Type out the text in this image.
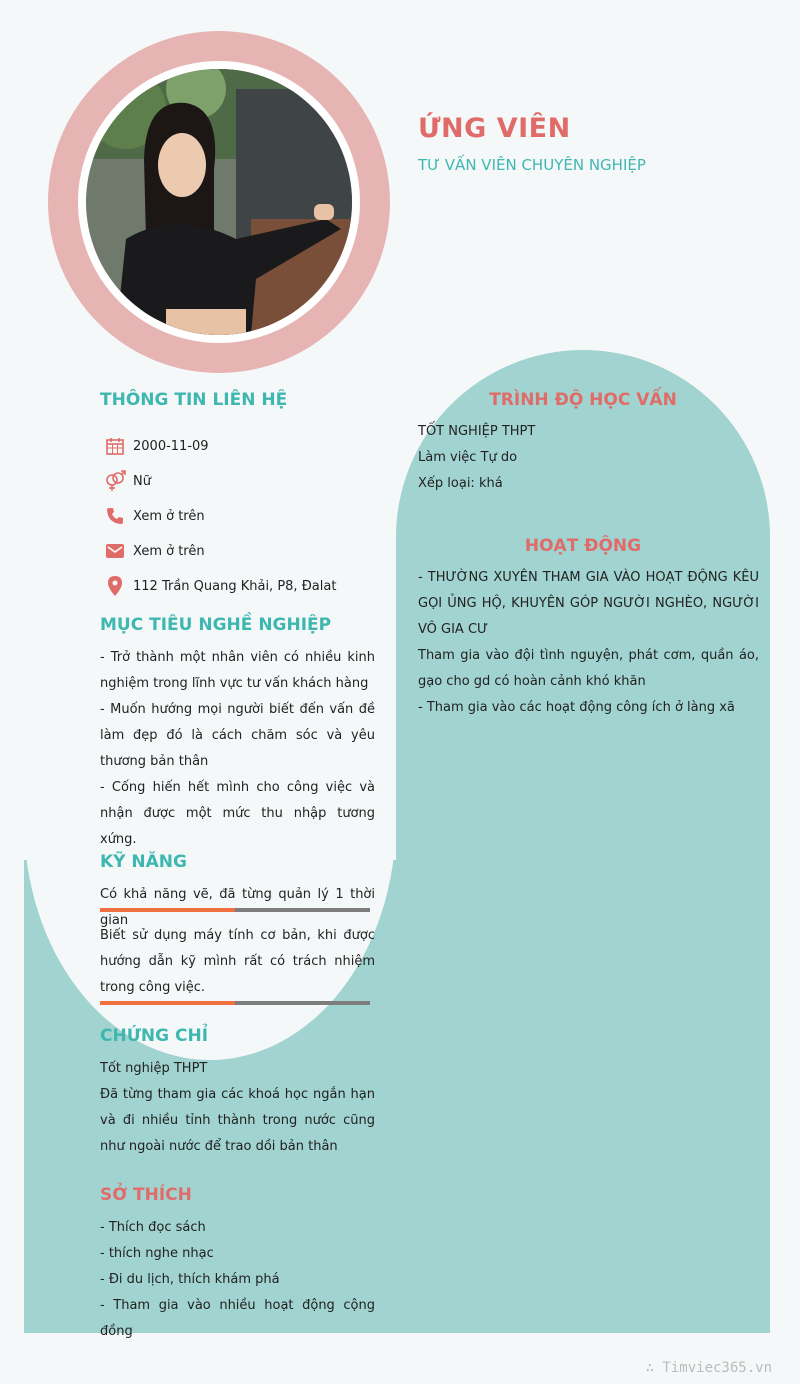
ỨNG VIÊN
TƯ VẤN VIÊN CHUYÊN NGHIỆP
THÔNG TIN LIÊN HỆ
2000-11-09
Nữ
Xem ở trên
Xem ở trên
112 Trần Quang Khải, P8, Đalat
MỤC TIÊU NGHỀ NGHIỆP

- Trở thành một nhân viên có nhiều kinh nghiệm trong lĩnh vực tư vấn khách hàng

- Muốn hướng mọi người biết đến vấn đề làm đẹp đó là cách chăm sóc và yêu thương bản thân

- Cống hiến hết mình cho công việc và nhận được một mức thu nhập tương xứng.

KỸ NĂNG
Có khả năng vẽ, đã từng quản lý 1 thời gian
Biết sử dụng máy tính cơ bản, khi được hướng dẫn kỹ mình rất có trách nhiệm trong công việc.
CHỨNG CHỈ

Tốt nghiệp THPT

Đã từng tham gia các khoá học ngắn hạn và đi nhiều tỉnh thành trong nước cũng như ngoài nước để trao dồi bản thân

SỞ THÍCH

- Thích đọc sách

- thích nghe nhạc

- Đi du lịch, thích khám phá

- Tham gia vào nhiều hoạt động cộng đồng

TRÌNH ĐỘ HỌC VẤN

TỐT NGHIỆP THPT

Làm việc Tự do

Xếp loại: khá

HOẠT ĐỘNG

- THƯỜNG XUYÊN THAM GIA VÀO HOẠT ĐỘNG KÊU GỌI ỦNG HỘ, KHUYÊN GÓP NGƯỜI NGHÈO, NGƯỜI VÔ GIA CƯ

Tham gia vào đội tình nguyện, phát cơm, quần áo, gạo cho gd có hoàn cảnh khó khăn

- Tham gia vào các hoạt động công ích ở làng xã

∴ Timviec365.vn
